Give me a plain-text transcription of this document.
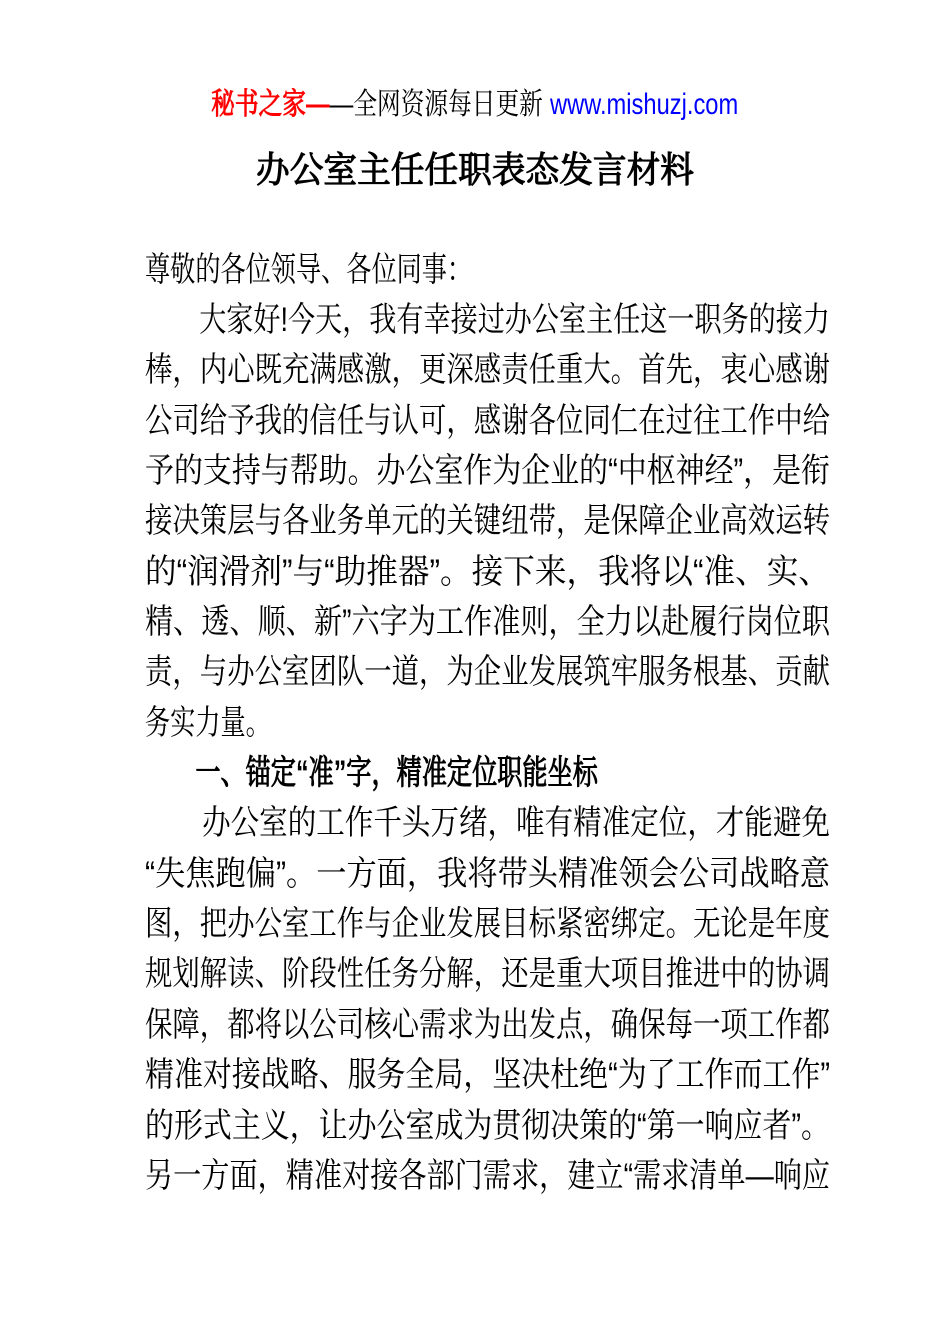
秘书之家——全网资源每日更新 www.mishuzj.com
办公室主任任职表态发言材料
尊敬的各位领导、各位同事：
　　大家好!今天，我有幸接过办公室主任这一职务的接力
棒，内心既充满感激，更深感责任重大。首先，衷心感谢
公司给予我的信任与认可，感谢各位同仁在过往工作中给
予的支持与帮助。办公室作为企业的“中枢神经”，是衔
接决策层与各业务单元的关键纽带，是保障企业高效运转
的“润滑剂”与“助推器”。接下来，我将以“准、实、
精、透、顺、新”六字为工作准则，全力以赴履行岗位职
责，与办公室团队一道，为企业发展筑牢服务根基、贡献
务实力量。
　　一、锚定“准”字，精准定位职能坐标
　　办公室的工作千头万绪，唯有精准定位，才能避免
“失焦跑偏”。一方面，我将带头精准领会公司战略意
图，把办公室工作与企业发展目标紧密绑定。无论是年度
规划解读、阶段性任务分解，还是重大项目推进中的协调
保障，都将以公司核心需求为出发点，确保每一项工作都
精准对接战略、服务全局，坚决杜绝“为了工作而工作”
的形式主义，让办公室成为贯彻决策的“第一响应者”。
另一方面，精准对接各部门需求，建立“需求清单—响应
